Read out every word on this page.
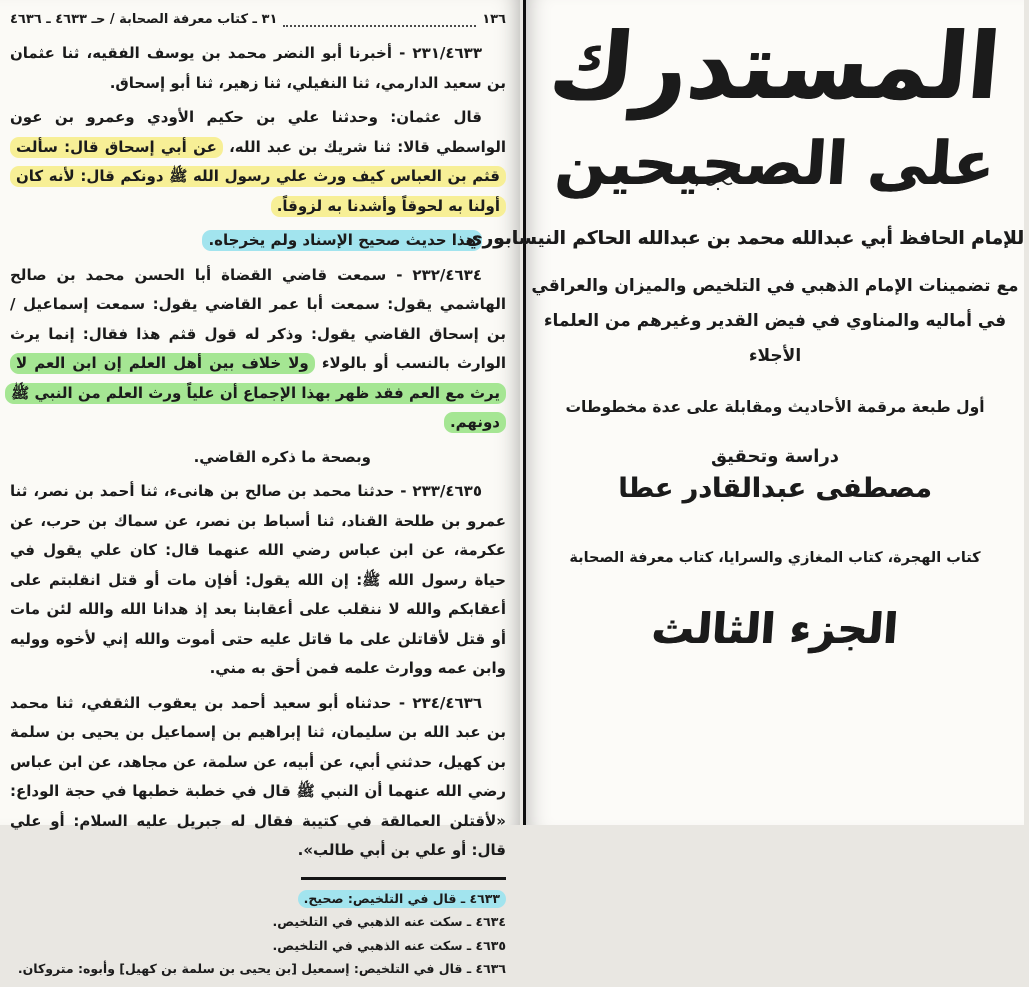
١٣٦
٣١ ـ كتاب معرفة الصحابة / حـ ٤٦٣٣ ـ ٤٦٣٦

٢٣١/٤٦٣٣ - أخبرنا أبو النضر محمد بن يوسف الفقيه، ثنا عثمان بن سعيد الدارمي، ثنا النفيلي، ثنا زهير، ثنا أبو إسحاق.

قال عثمان: وحدثنا علي بن حكيم الأودي وعمرو بن عون الواسطي قالا: ثنا شريك بن عبد الله، عن أبي إسحاق قال: سألت قثم بن العباس كيف ورث علي رسول الله ﷺ دونكم قال: لأنه كان أولنا به لحوقاً وأشدنا به لزوقاً.

هذا حديث صحيح الإسناد ولم يخرجاه.

٢٣٢/٤٦٣٤ - سمعت قاضي القضاة أبا الحسن محمد بن صالح الهاشمي يقول: سمعت أبا عمر القاضي يقول: سمعت إسماعيل / بن إسحاق القاضي يقول: وذكر له قول قثم هذا فقال: إنما يرث الوارث بالنسب أو بالولاء ولا خلاف بين أهل العلم إن ابن العم لا يرث مع العم فقد ظهر بهذا الإجماع أن علياً ورث العلم من النبي ﷺ دونهم.

وبصحة ما ذكره القاضي.

٢٣٣/٤٦٣٥ - حدثنا محمد بن صالح بن هانىء، ثنا أحمد بن نصر، ثنا عمرو بن طلحة القناد، ثنا أسباط بن نصر، عن سماك بن حرب، عن عكرمة، عن ابن عباس رضي الله عنهما قال: كان علي يقول في حياة رسول الله ﷺ: إن الله يقول: أفإن مات أو قتل انقلبتم على أعقابكم والله لا ننقلب على أعقابنا بعد إذ هدانا الله والله لئن مات أو قتل لأقاتلن على ما قاتل عليه حتى أموت والله إني لأخوه ووليه وابن عمه ووارث علمه فمن أحق به مني.

٢٣٤/٤٦٣٦ - حدثناه أبو سعيد أحمد بن يعقوب الثقفي، ثنا محمد بن عبد الله بن سليمان، ثنا إبراهيم بن إسماعيل بن يحيى بن سلمة بن كهيل، حدثني أبي، عن أبيه، عن سلمة، عن مجاهد، عن ابن عباس رضي الله عنهما أن النبي ﷺ قال في خطبة خطبها في حجة الوداع: «لأقتلن العمالقة في كتيبة فقال له جبريل عليه السلام: أو علي قال: أو علي بن أبي طالب».

٤٦٣٣ ـ قال في التلخيص: صحيح.

٤٦٣٤ ـ سكت عنه الذهبي في التلخيص.

٤٦٣٥ ـ سكت عنه الذهبي في التلخيص.

٤٦٣٦ ـ قال في التلخيص: إسمعيل [بن يحيى بن سلمة بن كهيل] وأبوه: متروكان.

المستدرك
على الصحيحين
للإمام الحافظ أبي عبدالله محمد بن عبدالله الحاكم النيسابوري
مع تضمينات الإمام الذهبي في التلخيص والميزان والعراقي
في أماليه والمناوي في فيض القدير وغيرهم من العلماء الأجلاء
أول طبعة مرقمة الأحاديث ومقابلة على عدة مخطوطات
دراسة وتحقيق
مصطفى عبدالقادر عطا
كتاب الهجرة، كتاب المغازي والسرايا، كتاب معرفة الصحابة
الجزء الثالث
